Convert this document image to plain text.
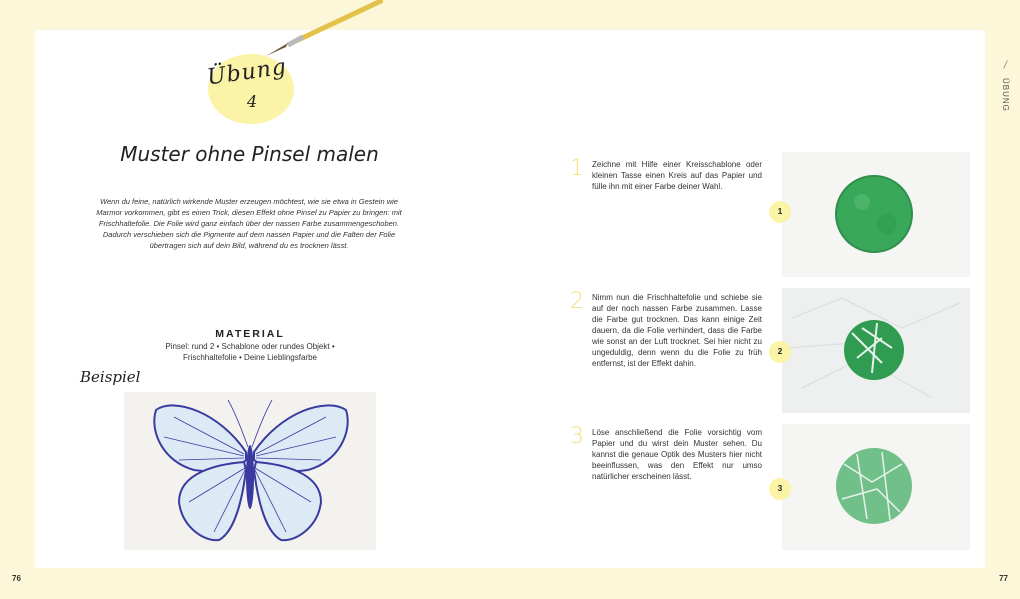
Übung
4
Muster ohne Pinsel malen

Wenn du feine, natürlich wirkende Muster erzeugen möchtest, wie sie etwa in Gestein wie Marmor vorkommen, gibt es einen Trick, diesen Effekt ohne Pinsel zu Papier zu bringen: mit Frischhaltefolie. Die Folie wird ganz einfach über der nassen Farbe zusammengeschoben. Dadurch verschieben sich die Pigmente auf dem nassen Papier und die Falten der Folie übertragen sich auf dein Bild, während du es trocknen lässt.

MATERIAL
Pinsel: rund 2 • Schablone oder rundes Objekt •
Frischhaltefolie • Deine Lieblingsfarbe
Beispiel
1 Zeichne mit Hilfe einer Kreisschablone oder kleinen Tasse einen Kreis auf das Papier und fülle ihn mit einer Farbe deiner Wahl.

1
2 Nimm nun die Frischhaltefolie und schiebe sie auf der noch nassen Farbe zusammen. Lasse die Farbe gut trocknen. Das kann einige Zeit dauern, da die Folie verhindert, dass die Farbe wie sonst an der Luft trocknet. Sei hier nicht zu ungeduldig, denn wenn du die Folie zu früh entfernst, ist der Effekt dahin.

2
3 Löse anschließend die Folie vorsichtig vom Papier und du wirst dein Muster sehen. Du kannst die genaue Optik des Musters hier nicht beeinflussen, was den Effekt nur umso natürlicher erscheinen lässt.

3
ÜBUNG
76	77
